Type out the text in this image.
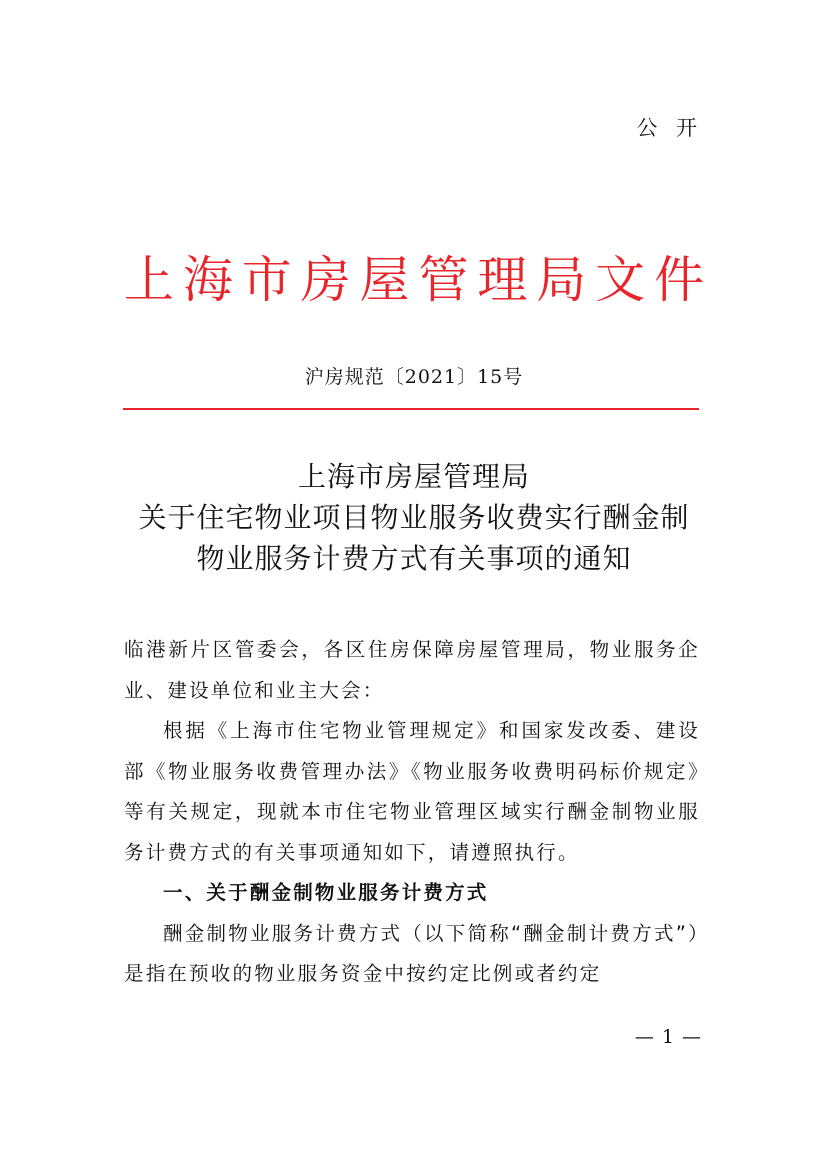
公 开
上海市房屋管理局文件
沪房规范〔2021〕15号
上海市房屋管理局
关于住宅物业项目物业服务收费实行酬金制
物业服务计费方式有关事项的通知

临港新片区管委会，各区住房保障房屋管理局，物业服务企业、建设单位和业主大会：

根据《上海市住宅物业管理规定》和国家发改委、建设部《物业服务收费管理办法》《物业服务收费明码标价规定》等有关规定，现就本市住宅物业管理区域实行酬金制物业服务计费方式的有关事项通知如下，请遵照执行。

一、关于酬金制物业服务计费方式

酬金制物业服务计费方式（以下简称“酬金制计费方式”）是指在预收的物业服务资金中按约定比例或者约定

— 1 —
